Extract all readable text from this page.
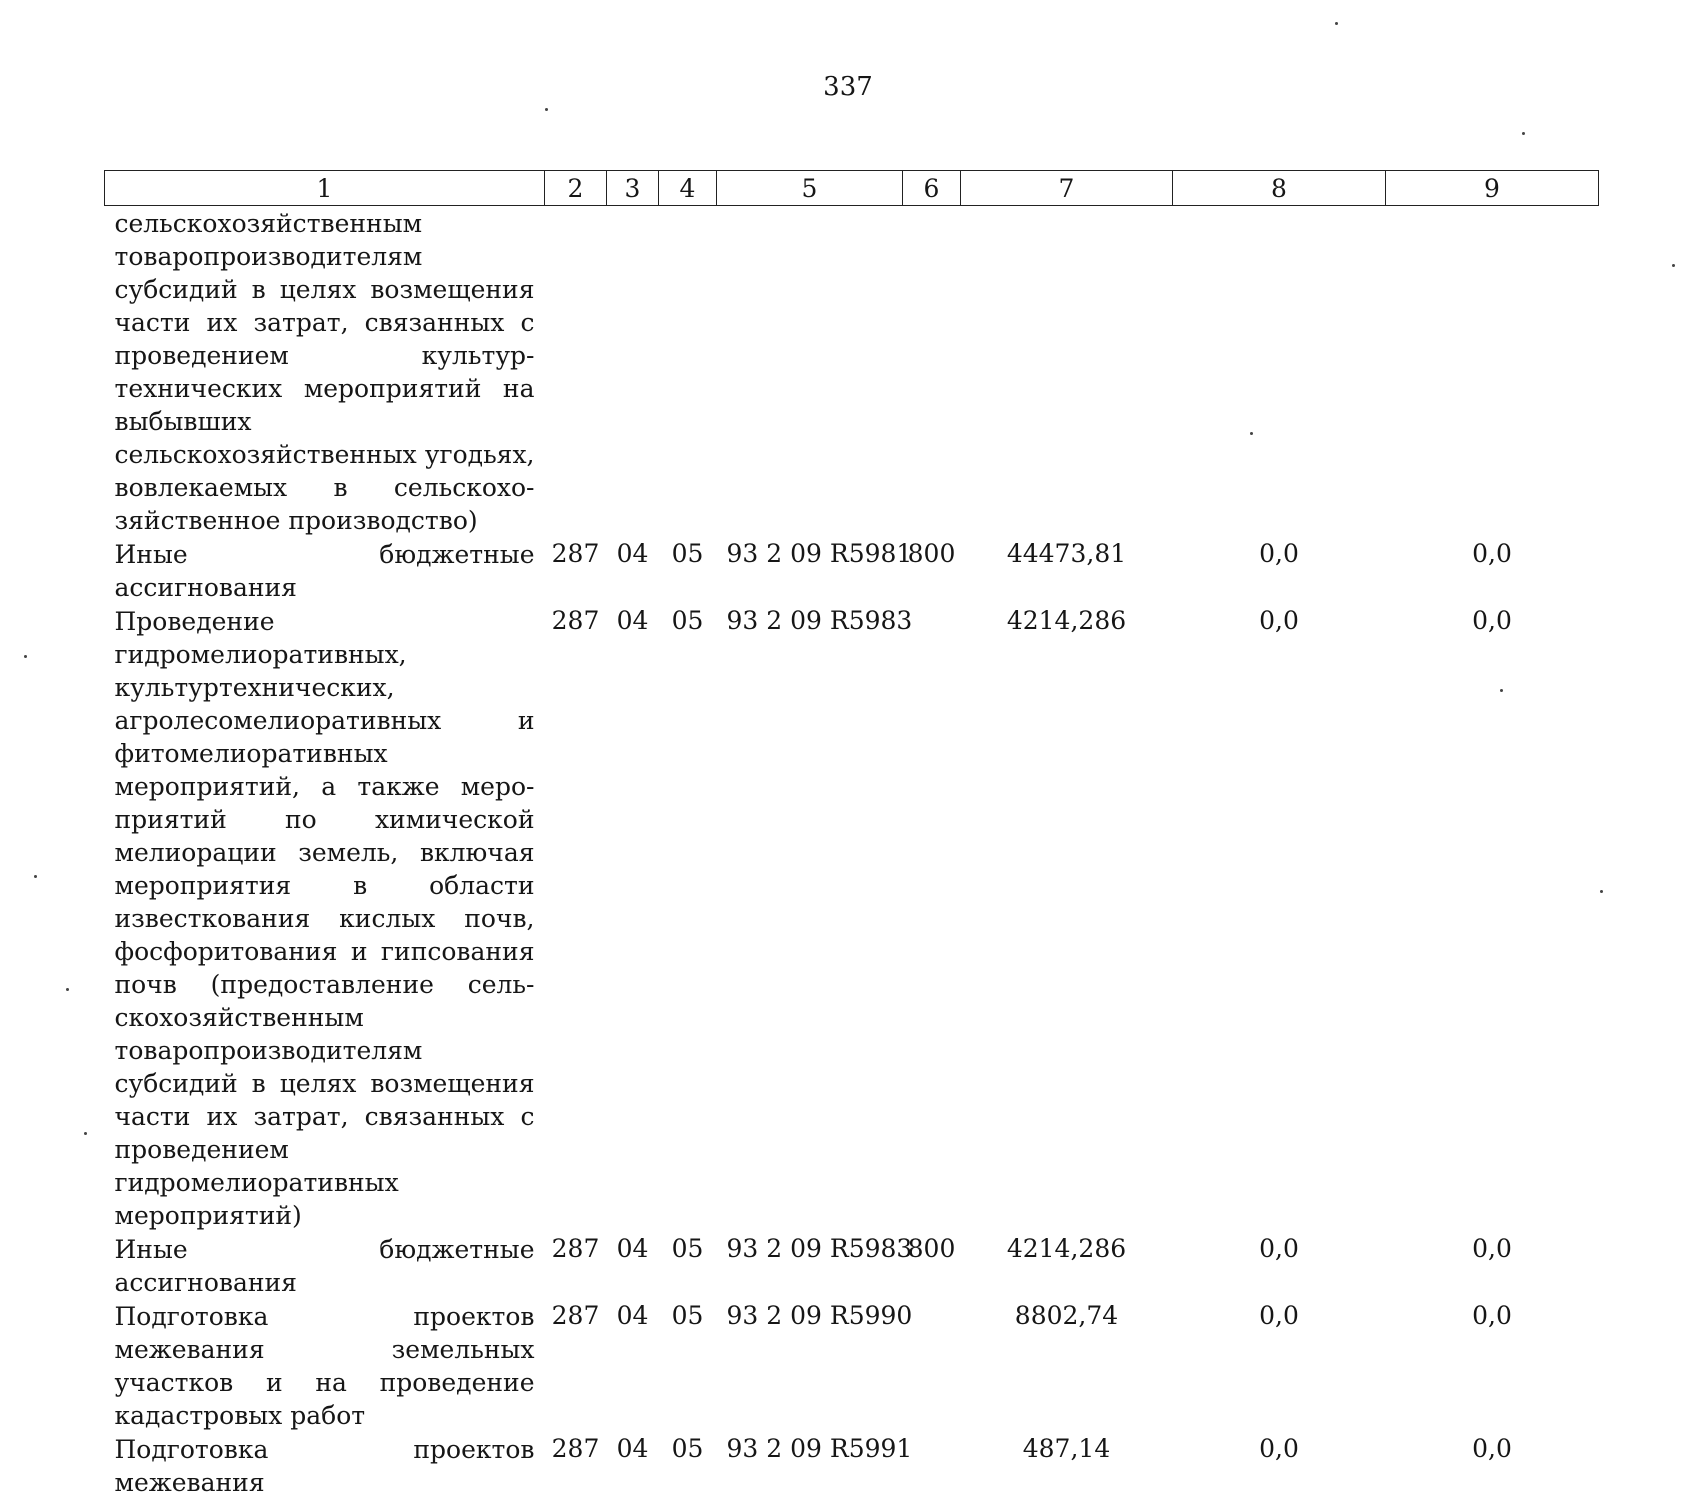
337
1	2	3	4	5	6	7	8	9
сельскохозяйственным товаропроизводителям субсидий в целях возмещения части их затрат, связанных с проведением культуртехнических мероприятий на выбывших сельскохозяйственных угодьях, вовлекаемых в сельскохозяйственное производство)								
Иные бюджетные ассигнования	287	04	05	93 2 09 R5981	800	44473,81	0,0	0,0
Проведение гидромелиоративных, культуртехнических, агролесомелиоративных и фитомелиоративных мероприятий, а также мероприятий по химической мелиорации земель, включая мероприятия в области известкования кислых почв, фосфоритования и гипсования почв (предоставление сельскохозяйственным товаропроизводителям субсидий в целях возмещения части их затрат, связанных с проведением гидромелиоративных мероприятий)	287	04	05	93 2 09 R5983		4214,286	0,0	0,0
Иные бюджетные ассигнования	287	04	05	93 2 09 R5983	800	4214,286	0,0	0,0
Подготовка проектов межевания земельных участков и на проведение кадастровых работ	287	04	05	93 2 09 R5990		8802,74	0,0	0,0
Подготовка проектов межевания	287	04	05	93 2 09 R5991		487,14	0,0	0,0
